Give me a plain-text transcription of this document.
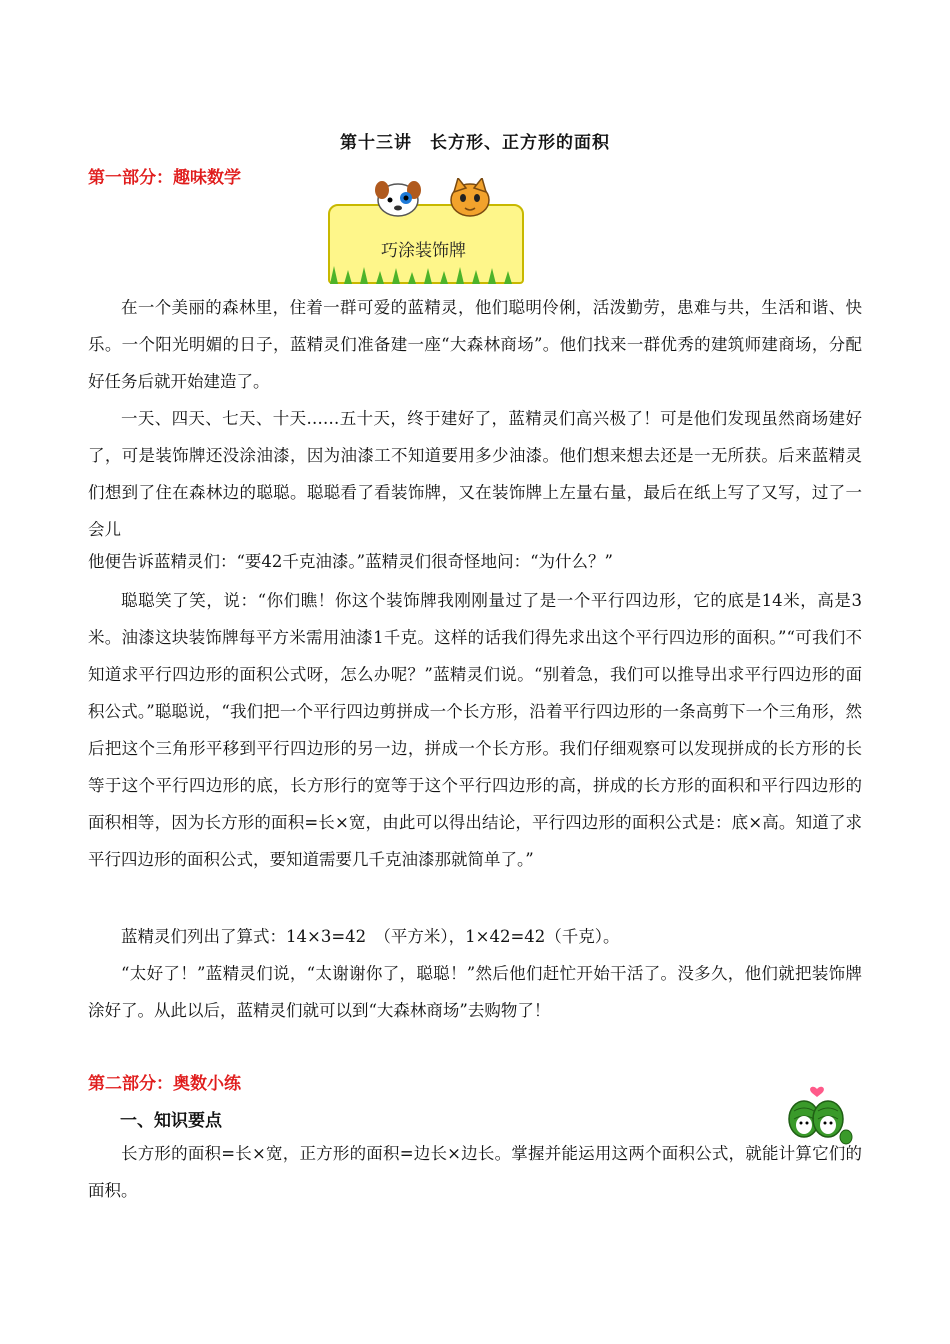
第十三讲　长方形、正方形的面积
第一部分：趣味数学
巧涂装饰牌
在一个美丽的森林里，住着一群可爱的蓝精灵，他们聪明伶俐，活泼勤劳，患难与共，生活和谐、快乐。一个阳光明媚的日子，蓝精灵们准备建一座“大森林商场”。他们找来一群优秀的建筑师建商场，分配好任务后就开始建造了。
一天、四天、七天、十天……五十天，终于建好了，蓝精灵们高兴极了！可是他们发现虽然商场建好了，可是装饰牌还没涂油漆，因为油漆工不知道要用多少油漆。他们想来想去还是一无所获。后来蓝精灵们想到了住在森林边的聪聪。聪聪看了看装饰牌，又在装饰牌上左量右量，最后在纸上写了又写，过了一会儿
他便告诉蓝精灵们：“要42千克油漆。”蓝精灵们很奇怪地问：“为什么？”
聪聪笑了笑，说：“你们瞧！你这个装饰牌我刚刚量过了是一个平行四边形，它的底是14米，高是3米。油漆这块装饰牌每平方米需用油漆1千克。这样的话我们得先求出这个平行四边形的面积。”“可我们不知道求平行四边形的面积公式呀，怎么办呢？”蓝精灵们说。“别着急，我们可以推导出求平行四边形的面积公式。”聪聪说，“我们把一个平行四边剪拼成一个长方形，沿着平行四边形的一条高剪下一个三角形，然后把这个三角形平移到平行四边形的另一边，拼成一个长方形。我们仔细观察可以发现拼成的长方形的长等于这个平行四边形的底，长方形行的宽等于这个平行四边形的高，拼成的长方形的面积和平行四边形的面积相等，因为长方形的面积=长×宽，由此可以得出结论，平行四边形的面积公式是：底×高。知道了求平行四边形的面积公式，要知道需要几千克油漆那就简单了。”
蓝精灵们列出了算式：14×3=42　（平方米），1×42=42（千克）。
“太好了！”蓝精灵们说，“太谢谢你了，聪聪！”然后他们赶忙开始干活了。没多久，他们就把装饰牌涂好了。从此以后，蓝精灵们就可以到“大森林商场”去购物了！
第二部分：奥数小练
一、知识要点
长方形的面积=长×宽，正方形的面积=边长×边长。掌握并能运用这两个面积公式，就能计算它们的面积。
